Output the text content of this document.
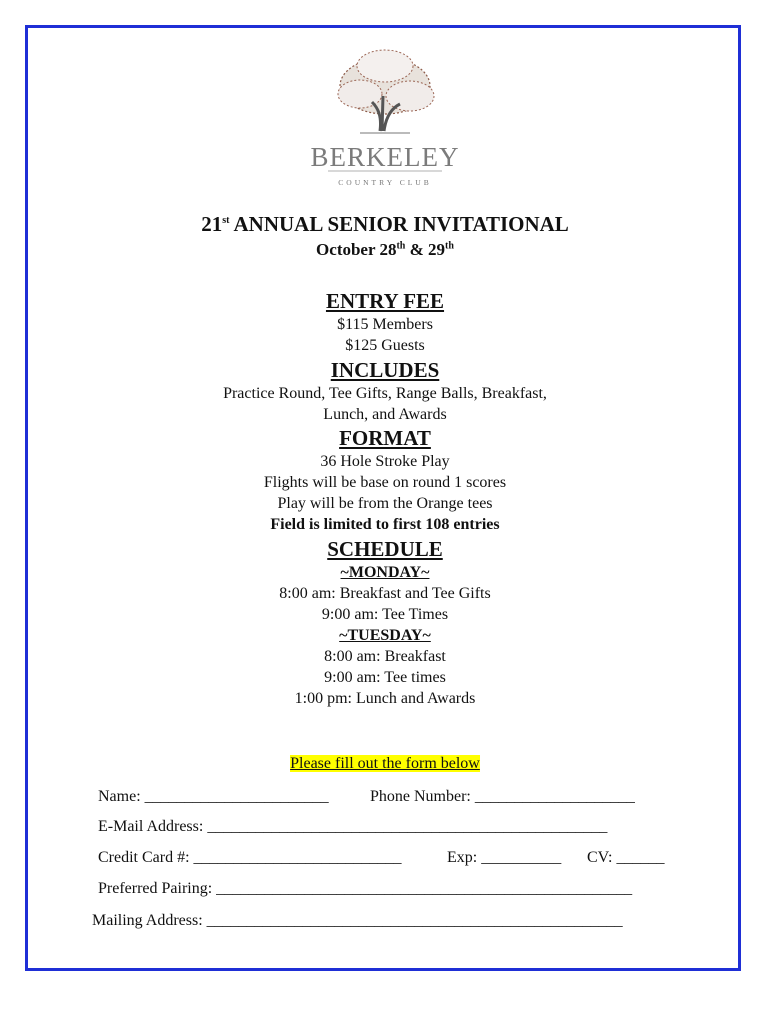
BERKELEY
COUNTRY CLUB
21st ANNUAL SENIOR INVITATIONAL
October 28th & 29th
ENTRY FEE
$115 Members
$125 Guests
INCLUDES
Practice Round, Tee Gifts, Range Balls, Breakfast,
Lunch, and Awards
FORMAT
36 Hole Stroke Play
Flights will be base on round 1 scores
Play will be from the Orange tees
Field is limited to first 108 entries
SCHEDULE
~MONDAY~
8:00 am: Breakfast and Tee Gifts
9:00 am: Tee Times
~TUESDAY~
8:00 am: Breakfast
9:00 am: Tee times
1:00 pm: Lunch and Awards
Please fill out the form below
Name: _______________________	Phone Number: ____________________
E-Mail Address: __________________________________________________
Credit Card #: __________________________	Exp: __________ CV: ______
Preferred Pairing: ____________________________________________________
Mailing Address: ____________________________________________________
